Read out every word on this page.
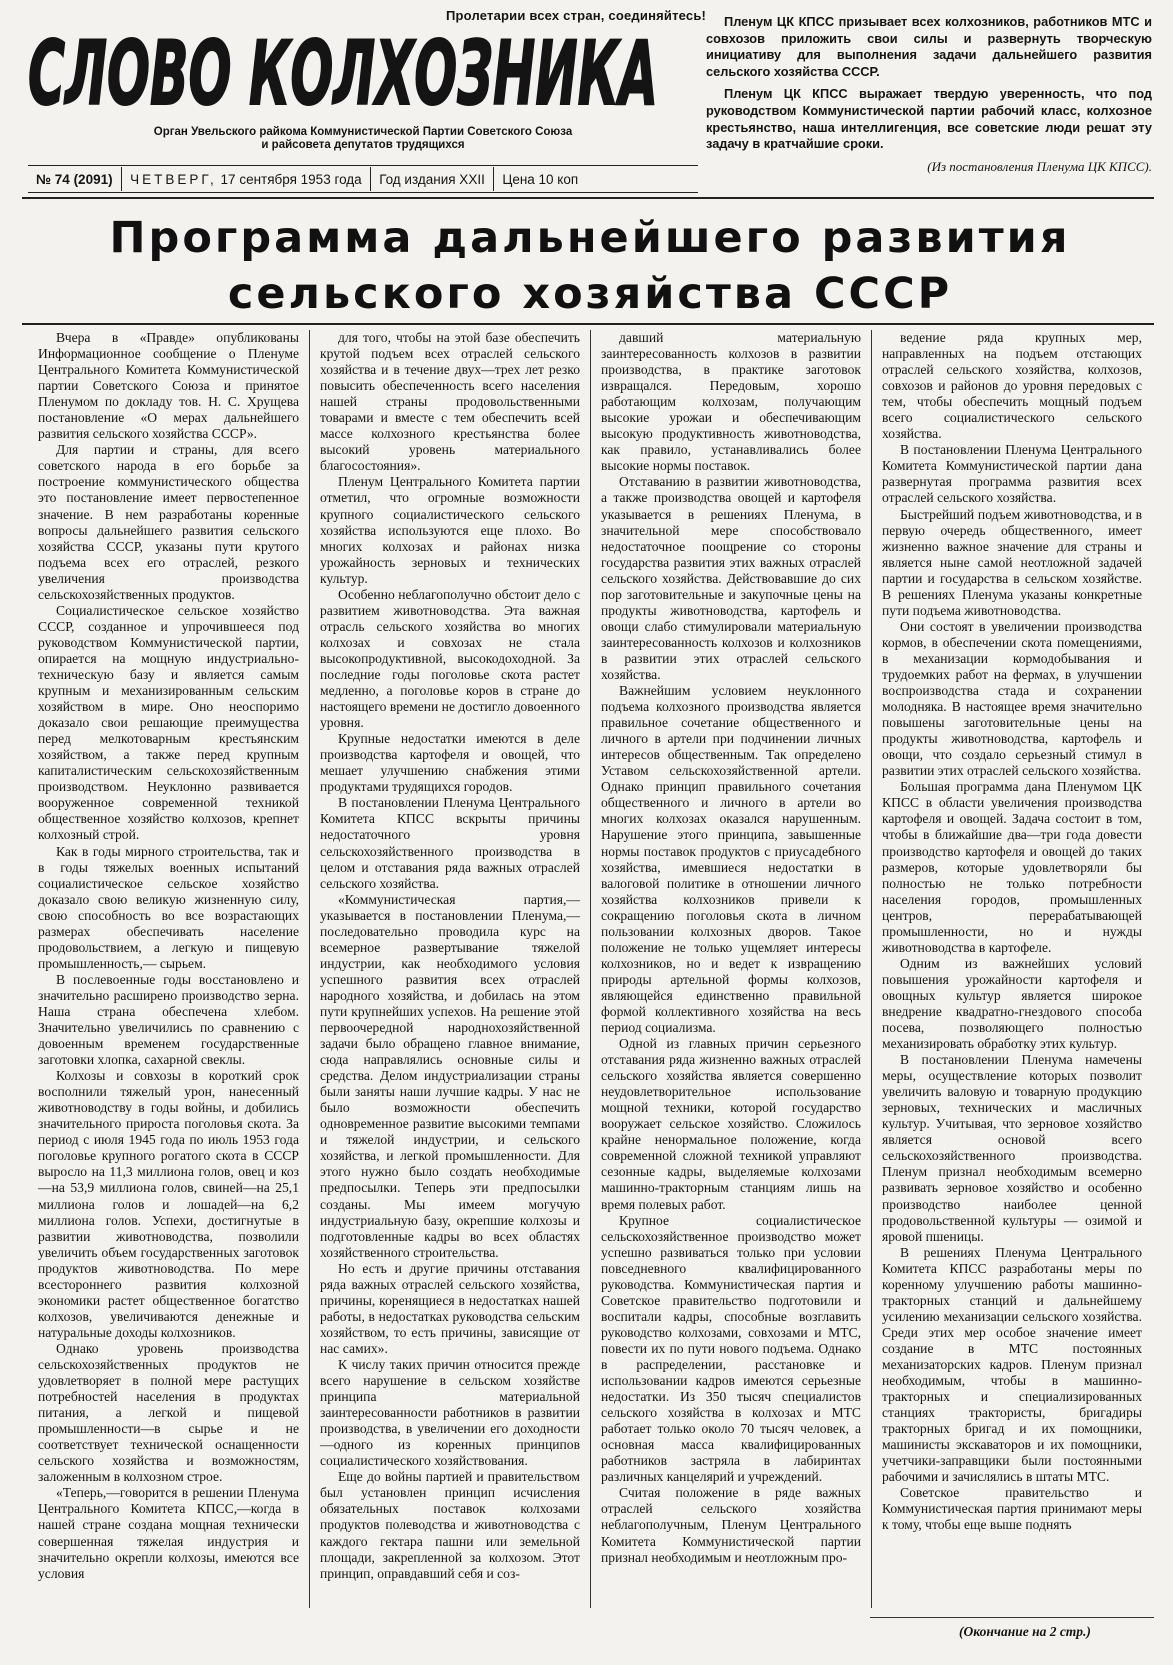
Пролетарии всех стран, соединяйтесь!
СЛОВО КОЛХОЗНИКА
Орган Увельского райкома Коммунистической Партии Советского Союза
и райсовета депутатов трудящихся
№ 74 (2091)	ЧЕТВЕРГ, 17 сентября 1953 года	Год издания XXII	Цена 10 коп

Пленум ЦК КПСС призывает всех колхозников, работников МТС и совхозов приложить свои силы и развернуть творческую инициативу для выполнения задачи дальнейшего развития сельского хозяйства СССР.

Пленум ЦК КПСС выражает твердую уверенность, что под руководством Коммунистической партии рабочий класс, колхозное крестьянство, наша интеллигенция, все советские люди решат эту задачу в кратчайшие сроки.

(Из постановления Пленума ЦК КПСС).
Программа дальнейшего развития
сельского хозяйства СССР

Вчера в «Правде» опубликованы Информационное сообщение о Пленуме Центрального Комитета Коммунистической партии Советского Союза и принятое Пленумом по докладу тов. Н. С. Хрущева постановление «О мерах дальнейшего развития сельского хозяйства СССР».

Для партии и страны, для всего советского народа в его борьбе за построение коммунистического общества это постановление имеет первостепенное значение. В нем разработаны коренные вопросы дальнейшего развития сельского хозяйства СССР, указаны пути крутого подъема всех его отраслей, резкого увеличения производства сельскохозяйственных продуктов.

Социалистическое сельское хозяйство СССР, созданное и упрочившееся под руководством Коммунистической партии, опирается на мощную индустриально-техническую базу и является самым крупным и механизированным сельским хозяйством в мире. Оно неоспоримо доказало свои решающие преимущества перед мелкотоварным крестьянским хозяйством, а также перед крупным капиталистическим сельскохозяйственным производством. Неуклонно развивается вооруженное современной техникой общественное хозяйство колхозов, крепнет колхозный строй.

Как в годы мирного строительства, так и в годы тяжелых военных испытаний социалистическое сельское хозяйство доказало свою великую жизненную силу, свою способность во все возрастающих размерах обеспечивать население продовольствием, а легкую и пищевую промышленность,— сырьем.

В послевоенные годы восстановлено и значительно расширено производство зерна. Наша страна обеспечена хлебом. Значительно увеличились по сравнению с довоенным временем государственные заготовки хлопка, сахарной свеклы.

Колхозы и совхозы в короткий срок восполнили тяжелый урон, нанесенный животноводству в годы войны, и добились значительного прироста поголовья скота. За период с июля 1945 года по июль 1953 года поголовье крупного рогатого скота в СССР выросло на 11,3 миллиона голов, овец и коз—на 53,9 миллиона голов, свиней—на 25,1 миллиона голов и лошадей—на 6,2 миллиона голов. Успехи, достигнутые в развитии животноводства, позволили увеличить объем государственных заготовок продуктов животноводства. По мере всестороннего развития колхозной экономики растет общественное богатство колхозов, увеличиваются денежные и натуральные доходы колхозников.

Однако уровень производства сельскохозяйственных продуктов не удовлетворяет в полной мере растущих потребностей населения в продуктах питания, а легкой и пищевой промышленности—в сырье и не соответствует технической оснащенности сельского хозяйства и возможностям, заложенным в колхозном строе.

«Теперь,—говорится в решении Пленума Центрального Комитета КПСС,—когда в нашей стране создана мощная технически совершенная тяжелая индустрия и значительно окрепли колхозы, имеются все условия

для того, чтобы на этой базе обеспечить крутой подъем всех отраслей сельского хозяйства и в течение двух—трех лет резко повысить обеспеченность всего населения нашей страны продовольственными товарами и вместе с тем обеспечить всей массе колхозного крестьянства более высокий уровень материального благосостояния».

Пленум Центрального Комитета партии отметил, что огромные возможности крупного социалистического сельского хозяйства используются еще плохо. Во многих колхозах и районах низка урожайность зерновых и технических культур.

Особенно неблагополучно обстоит дело с развитием животноводства. Эта важная отрасль сельского хозяйства во многих колхозах и совхозах не стала высокопродуктивной, высокодоходной. За последние годы поголовье скота растет медленно, а поголовье коров в стране до настоящего времени не достигло довоенного уровня.

Крупные недостатки имеются в деле производства картофеля и овощей, что мешает улучшению снабжения этими продуктами трудящихся городов.

В постановлении Пленума Центрального Комитета КПСС вскрыты причины недостаточного уровня сельскохозяйственного производства в целом и отставания ряда важных отраслей сельского хозяйства.

«Коммунистическая партия,—указывается в постановлении Пленума,—последовательно проводила курс на всемерное развертывание тяжелой индустрии, как необходимого условия успешного развития всех отраслей народного хозяйства, и добилась на этом пути крупнейших успехов. На решение этой первоочередной народнохозяйственной задачи было обращено главное внимание, сюда направлялись основные силы и средства. Делом индустриализации страны были заняты наши лучшие кадры. У нас не было возможности обеспечить одновременное развитие высокими темпами и тяжелой индустрии, и сельского хозяйства, и легкой промышленности. Для этого нужно было создать необходимые предпосылки. Теперь эти предпосылки созданы. Мы имеем могучую индустриальную базу, окрепшие колхозы и подготовленные кадры во всех областях хозяйственного строительства.

Но есть и другие причины отставания ряда важных отраслей сельского хозяйства, причины, коренящиеся в недостатках нашей работы, в недостатках руководства сельским хозяйством, то есть причины, зависящие от нас самих».

К числу таких причин относится прежде всего нарушение в сельском хозяйстве принципа материальной заинтересованности работников в развитии производства, в увеличении его доходности—одного из коренных принципов социалистического хозяйствования.

Еще до войны партией и правительством был установлен принцип исчисления обязательных поставок колхозами продуктов полеводства и животноводства с каждого гектара пашни или земельной площади, закрепленной за колхозом. Этот принцип, оправдавший себя и соз-

давший материальную заинтересованность колхозов в развитии производства, в практике заготовок извращался. Передовым, хорошо работающим колхозам, получающим высокие урожаи и обеспечивающим высокую продуктивность животноводства, как правило, устанавливались более высокие нормы поставок.

Отставанию в развитии животноводства, а также производства овощей и картофеля указывается в решениях Пленума, в значительной мере способствовало недостаточное поощрение со стороны государства развития этих важных отраслей сельского хозяйства. Действовавшие до сих пор заготовительные и закупочные цены на продукты животноводства, картофель и овощи слабо стимулировали материальную заинтересованность колхозов и колхозников в развитии этих отраслей сельского хозяйства.

Важнейшим условием неуклонного подъема колхозного производства является правильное сочетание общественного и личного в артели при подчинении личных интересов общественным. Так определено Уставом сельскохозяйственной артели. Однако принцип правильного сочетания общественного и личного в артели во многих колхозах оказался нарушенным. Нарушение этого принципа, завышенные нормы поставок продуктов с приусадебного хозяйства, имевшиеся недостатки в валоговой политике в отношении личного хозяйства колхозников привели к сокращению поголовья скота в личном пользовании колхозных дворов. Такое положение не только ущемляет интересы колхозников, но и ведет к извращению природы артельной формы колхозов, являющейся единственно правильной формой коллективного хозяйства на весь период социализма.

Одной из главных причин серьезного отставания ряда жизненно важных отраслей сельского хозяйства является совершенно неудовлетворительное использование мощной техники, которой государство вооружает сельское хозяйство. Сложилось крайне ненормальное положение, когда современной сложной техникой управляют сезонные кадры, выделяемые колхозами машинно-тракторным станциям лишь на время полевых работ.

Крупное социалистическое сельскохозяйственное производство может успешно развиваться только при условии повседневного квалифицированного руководства. Коммунистическая партия и Советское правительство подготовили и воспитали кадры, способные возглавить руководство колхозами, совхозами и МТС, повести их по пути нового подъема. Однако в распределении, расстановке и использовании кадров имеются серьезные недостатки. Из 350 тысяч специалистов сельского хозяйства в колхозах и МТС работает только около 70 тысяч человек, а основная масса квалифицированных работников застряла в лабиринтах различных канцелярий и учреждений.

Считая положение в ряде важных отраслей сельского хозяйства неблагополучным, Пленум Центрального Комитета Коммунистической партии признал необходимым и неотложным про-

ведение ряда крупных мер, направленных на подъем отстающих отраслей сельского хозяйства, колхозов, совхозов и районов до уровня передовых с тем, чтобы обеспечить мощный подъем всего социалистического сельского хозяйства.

В постановлении Пленума Центрального Комитета Коммунистической партии дана развернутая программа развития всех отраслей сельского хозяйства.

Быстрейший подъем животноводства, и в первую очередь общественного, имеет жизненно важное значение для страны и является ныне самой неотложной задачей партии и государства в сельском хозяйстве. В решениях Пленума указаны конкретные пути подъема животноводства.

Они состоят в увеличении производства кормов, в обеспечении скота помещениями, в механизации кормодобывания и трудоемких работ на фермах, в улучшении воспроизводства стада и сохранении молодняка. В настоящее время значительно повышены заготовительные цены на продукты животноводства, картофель и овощи, что создало серьезный стимул в развитии этих отраслей сельского хозяйства.

Большая программа дана Пленумом ЦК КПСС в области увеличения производства картофеля и овощей. Задача состоит в том, чтобы в ближайшие два—три года довести производство картофеля и овощей до таких размеров, которые удовлетворяли бы полностью не только потребности населения городов, промышленных центров, перерабатывающей промышленности, но и нужды животноводства в картофеле.

Одним из важнейших условий повышения урожайности картофеля и овощных культур является широкое внедрение квадратно-гнездового способа посева, позволяющего полностью механизировать обработку этих культур.

В постановлении Пленума намечены меры, осуществление которых позволит увеличить валовую и товарную продукцию зерновых, технических и масличных культур. Учитывая, что зерновое хозяйство является основой всего сельскохозяйственного производства. Пленум признал необходимым всемерно развивать зерновое хозяйство и особенно производство наиболее ценной продовольственной культуры — озимой и яровой пшеницы.

В решениях Пленума Центрального Комитета КПСС разработаны меры по коренному улучшению работы машинно-тракторных станций и дальнейшему усилению механизации сельского хозяйства. Среди этих мер особое значение имеет создание в МТС постоянных механизаторских кадров. Пленум признал необходимым, чтобы в машинно-тракторных и специализированных станциях трактористы, бригадиры тракторных бригад и их помощники, машинисты экскаваторов и их помощники, учетчики-заправщики были постоянными рабочими и зачислялись в штаты МТС.

Советское правительство и Коммунистическая партия принимают меры к тому, чтобы еще выше поднять

(Окончание на 2 стр.)
